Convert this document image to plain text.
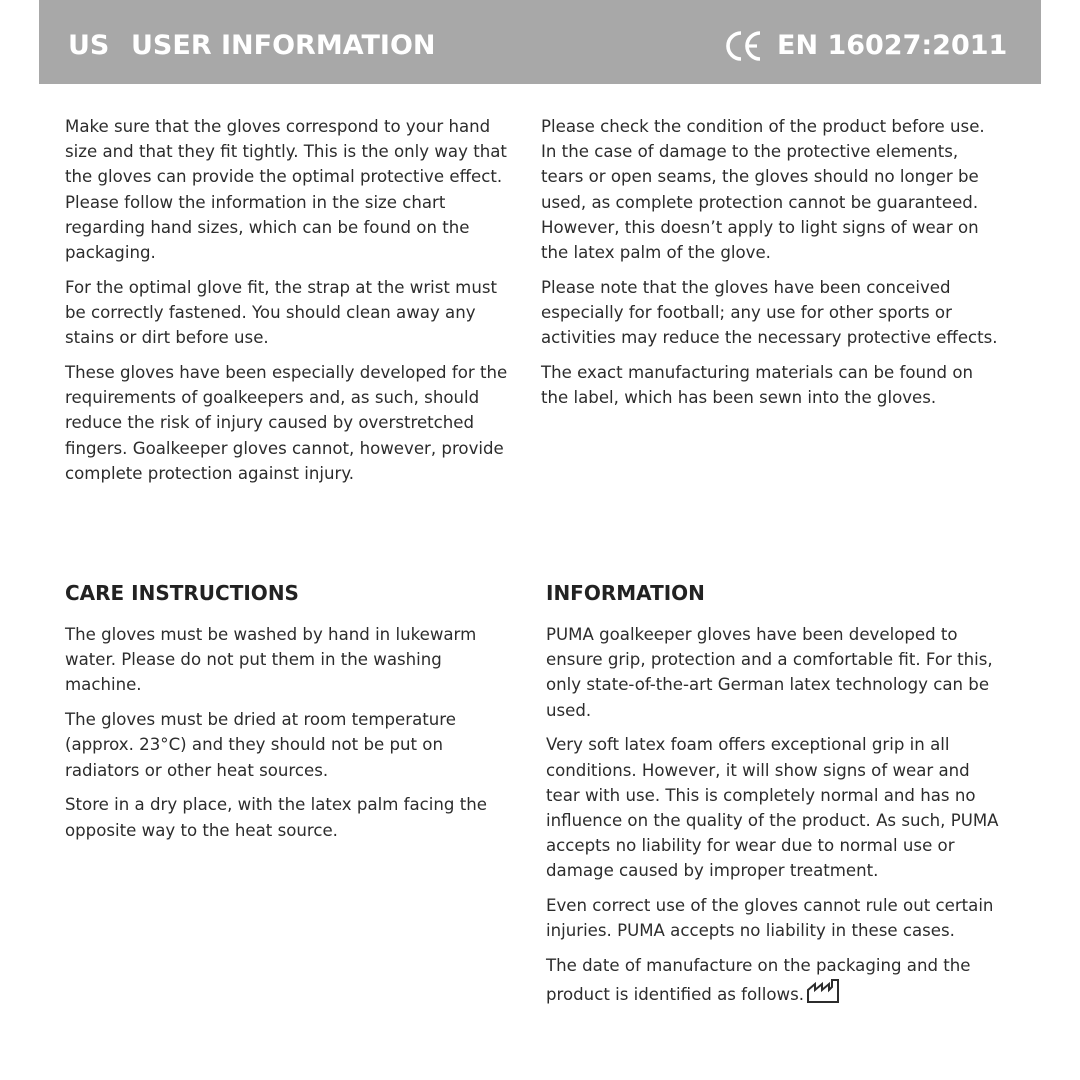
US USER INFORMATION	EN 16027:2011

Make sure that the gloves correspond to your hand size and that they fit tightly. This is the only way that the gloves can provide the optimal protective effect. Please follow the information in the size chart regarding hand sizes, which can be found on the packaging.

For the optimal glove fit, the strap at the wrist must be correctly fastened. You should clean away any stains or dirt before use.

These gloves have been especially developed for the requirements of goalkeepers and, as such, should reduce the risk of injury caused by overstretched fingers. Goalkeeper gloves cannot, however, provide complete protection against injury.

Please check the condition of the product before use. In the case of damage to the protective elements, tears or open seams, the gloves should no longer be used, as complete protection cannot be guaranteed. However, this doesn’t apply to light signs of wear on the latex palm of the glove.

Please note that the gloves have been conceived especially for football; any use for other sports or activities may reduce the necessary protective effects.

The exact manufacturing materials can be found on the label, which has been sewn into the gloves.

CARE INSTRUCTIONS

The gloves must be washed by hand in lukewarm water. Please do not put them in the washing machine.

The gloves must be dried at room temperature (approx. 23°C) and they should not be put on radiators or other heat sources.

Store in a dry place, with the latex palm facing the opposite way to the heat source.

INFORMATION

PUMA goalkeeper gloves have been developed to ensure grip, protection and a comfortable fit. For this, only state-of-the-art German latex technology can be used.

Very soft latex foam offers exceptional grip in all conditions. However, it will show signs of wear and tear with use. This is completely normal and has no influence on the quality of the product. As such, PUMA accepts no liability for wear due to normal use or damage caused by improper treatment.

Even correct use of the gloves cannot rule out certain injuries. PUMA accepts no liability in these cases.

The date of manufacture on the packaging and the product is identified as follows.
